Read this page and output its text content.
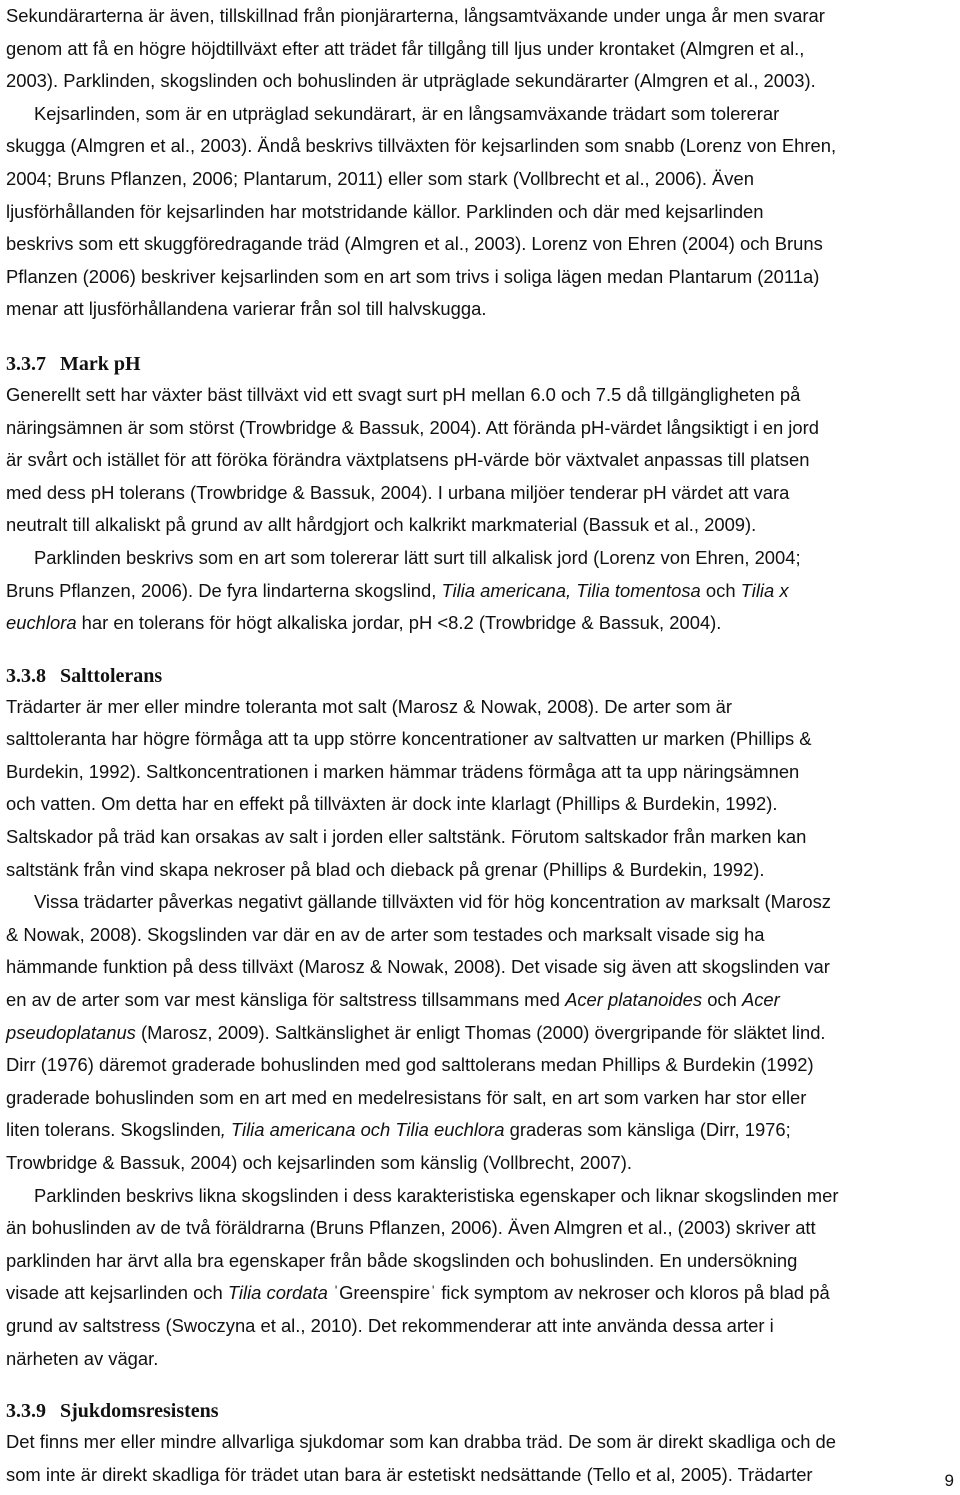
Sekundärarterna är även, tillskillnad från pionjärarterna, långsamtväxande under unga år men svarar
genom att få en högre höjdtillväxt efter att trädet får tillgång till ljus under krontaket (Almgren et al.,
2003). Parklinden, skogslinden och bohuslinden är utpräglade sekundärarter (Almgren et al., 2003).

Kejsarlinden, som är en utpräglad sekundärart, är en långsamväxande trädart som tolererar
skugga (Almgren et al., 2003). Ändå beskrivs tillväxten för kejsarlinden som snabb (Lorenz von Ehren,
2004; Bruns Pflanzen, 2006; Plantarum, 2011) eller som stark (Vollbrecht et al., 2006). Även
ljusförhållanden för kejsarlinden har motstridande källor. Parklinden och där med kejsarlinden
beskrivs som ett skuggföredragande träd (Almgren et al., 2003). Lorenz von Ehren (2004) och Bruns
Pflanzen (2006) beskriver kejsarlinden som en art som trivs i soliga lägen medan Plantarum (2011a)
menar att ljusförhållandena varierar från sol till halvskugga.

3.3.7 Mark pH

Generellt sett har växter bäst tillväxt vid ett svagt surt pH mellan 6.0 och 7.5 då tillgängligheten på
näringsämnen är som störst (Trowbridge & Bassuk, 2004). Att förända pH-värdet långsiktigt i en jord
är svårt och istället för att föröka förändra växtplatsens pH-värde bör växtvalet anpassas till platsen
med dess pH tolerans (Trowbridge & Bassuk, 2004). I urbana miljöer tenderar pH värdet att vara
neutralt till alkaliskt på grund av allt hårdgjort och kalkrikt markmaterial (Bassuk et al., 2009).

Parklinden beskrivs som en art som tolererar lätt surt till alkalisk jord (Lorenz von Ehren, 2004;
Bruns Pflanzen, 2006). De fyra lindarterna skogslind, Tilia americana, Tilia tomentosa och Tilia x
euchlora har en tolerans för högt alkaliska jordar, pH <8.2 (Trowbridge & Bassuk, 2004).

3.3.8 Salttolerans

Trädarter är mer eller mindre toleranta mot salt (Marosz & Nowak, 2008). De arter som är
salttoleranta har högre förmåga att ta upp större koncentrationer av saltvatten ur marken (Phillips &
Burdekin, 1992). Saltkoncentrationen i marken hämmar trädens förmåga att ta upp näringsämnen
och vatten. Om detta har en effekt på tillväxten är dock inte klarlagt (Phillips & Burdekin, 1992).
Saltskador på träd kan orsakas av salt i jorden eller saltstänk. Förutom saltskador från marken kan
saltstänk från vind skapa nekroser på blad och dieback på grenar (Phillips & Burdekin, 1992).

Vissa trädarter påverkas negativt gällande tillväxten vid för hög koncentration av marksalt (Marosz
& Nowak, 2008). Skogslinden var där en av de arter som testades och marksalt visade sig ha
hämmande funktion på dess tillväxt (Marosz & Nowak, 2008). Det visade sig även att skogslinden var
en av de arter som var mest känsliga för saltstress tillsammans med Acer platanoides och Acer
pseudoplatanus (Marosz, 2009). Saltkänslighet är enligt Thomas (2000) övergripande för släktet lind.
Dirr (1976) däremot graderade bohuslinden med god salttolerans medan Phillips & Burdekin (1992)
graderade bohuslinden som en art med en medelresistans för salt, en art som varken har stor eller
liten tolerans. Skogslinden, Tilia americana och Tilia euchlora graderas som känsliga (Dirr, 1976;
Trowbridge & Bassuk, 2004) och kejsarlinden som känslig (Vollbrecht, 2007).

Parklinden beskrivs likna skogslinden i dess karakteristiska egenskaper och liknar skogslinden mer
än bohuslinden av de två föräldrarna (Bruns Pflanzen, 2006). Även Almgren et al., (2003) skriver att
parklinden har ärvt alla bra egenskaper från både skogslinden och bohuslinden. En undersökning
visade att kejsarlinden och Tilia cordata ˈGreenspireˈ fick symptom av nekroser och kloros på blad på
grund av saltstress (Swoczyna et al., 2010). Det rekommenderar att inte använda dessa arter i
närheten av vägar.

3.3.9 Sjukdomsresistens

Det finns mer eller mindre allvarliga sjukdomar som kan drabba träd. De som är direkt skadliga och de
som inte är direkt skadliga för trädet utan bara är estetiskt nedsättande (Tello et al, 2005). Trädarter	9
